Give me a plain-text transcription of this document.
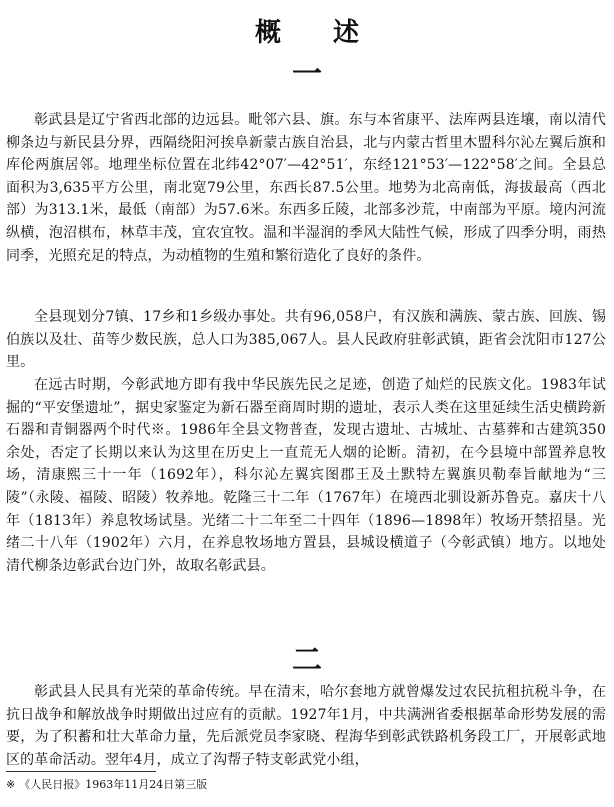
概述
一

彰武县是辽宁省西北部的边远县。毗邻六县、旗。东与本省康平、法库两县连壤，南以清代柳条边与新民县分界，西隔绕阳河挨阜新蒙古族自治县，北与内蒙古哲里木盟科尔沁左翼后旗和库伦两旗居邻。地理坐标位置在北纬42°07′—42°51′，东经121°53′—122°58′之间。全县总面积为3,635平方公里，南北宽79公里，东西长87.5公里。地势为北高南低，海拔最高（西北部）为313.1米，最低（南部）为57.6米。东西多丘陵，北部多沙荒，中南部为平原。境内河流纵横，泡沼棋布，林草丰茂，宜农宜牧。温和半湿润的季风大陆性气候，形成了四季分明，雨热同季，光照充足的特点，为动植物的生殖和繁衍造化了良好的条件。

全县现划分7镇、17乡和1乡级办事处。共有96,058户，有汉族和满族、蒙古族、回族、锡伯族以及壮、苗等少数民族，总人口为385,067人。县人民政府驻彰武镇，距省会沈阳市127公里。

在远古时期，今彰武地方即有我中华民族先民之足迹，创造了灿烂的民族文化。1983年试掘的“平安堡遗址”，据史家鉴定为新石器至商周时期的遗址，表示人类在这里延续生活史横跨新石器和青铜器两个时代※。1986年全县文物普查，发现古遗址、古城址、古墓葬和古建筑350余处，否定了长期以来认为这里在历史上一直荒无人烟的论断。清初，在今县境中部置养息牧场，清康熙三十一年（1692年），科尔沁左翼宾图郡王及土默特左翼旗贝勒奉旨献地为“三陵”（永陵、福陵、昭陵）牧养地。乾隆三十二年（1767年）在境西北驯设新苏鲁克。嘉庆十八年（1813年）养息牧场试垦。光绪二十二年至二十四年（1896—1898年）牧场开禁招垦。光绪二十八年（1902年）六月，在养息牧场地方置县，县城设横道子（今彰武镇）地方。以地处清代柳条边彰武台边门外，故取名彰武县。

二

彰武县人民具有光荣的革命传统。早在清末，哈尔套地方就曾爆发过农民抗租抗税斗争，在抗日战争和解放战争时期做出过应有的贡献。1927年1月，中共满洲省委根据革命形势发展的需要，为了积蓄和壮大革命力量，先后派党员李家晓、程海华到彰武铁路机务段工厂，开展彰武地区的革命活动。翌年4月，成立了沟帮子特支彰武党小组，

※ 《人民日报》1963年11月24日第三版
